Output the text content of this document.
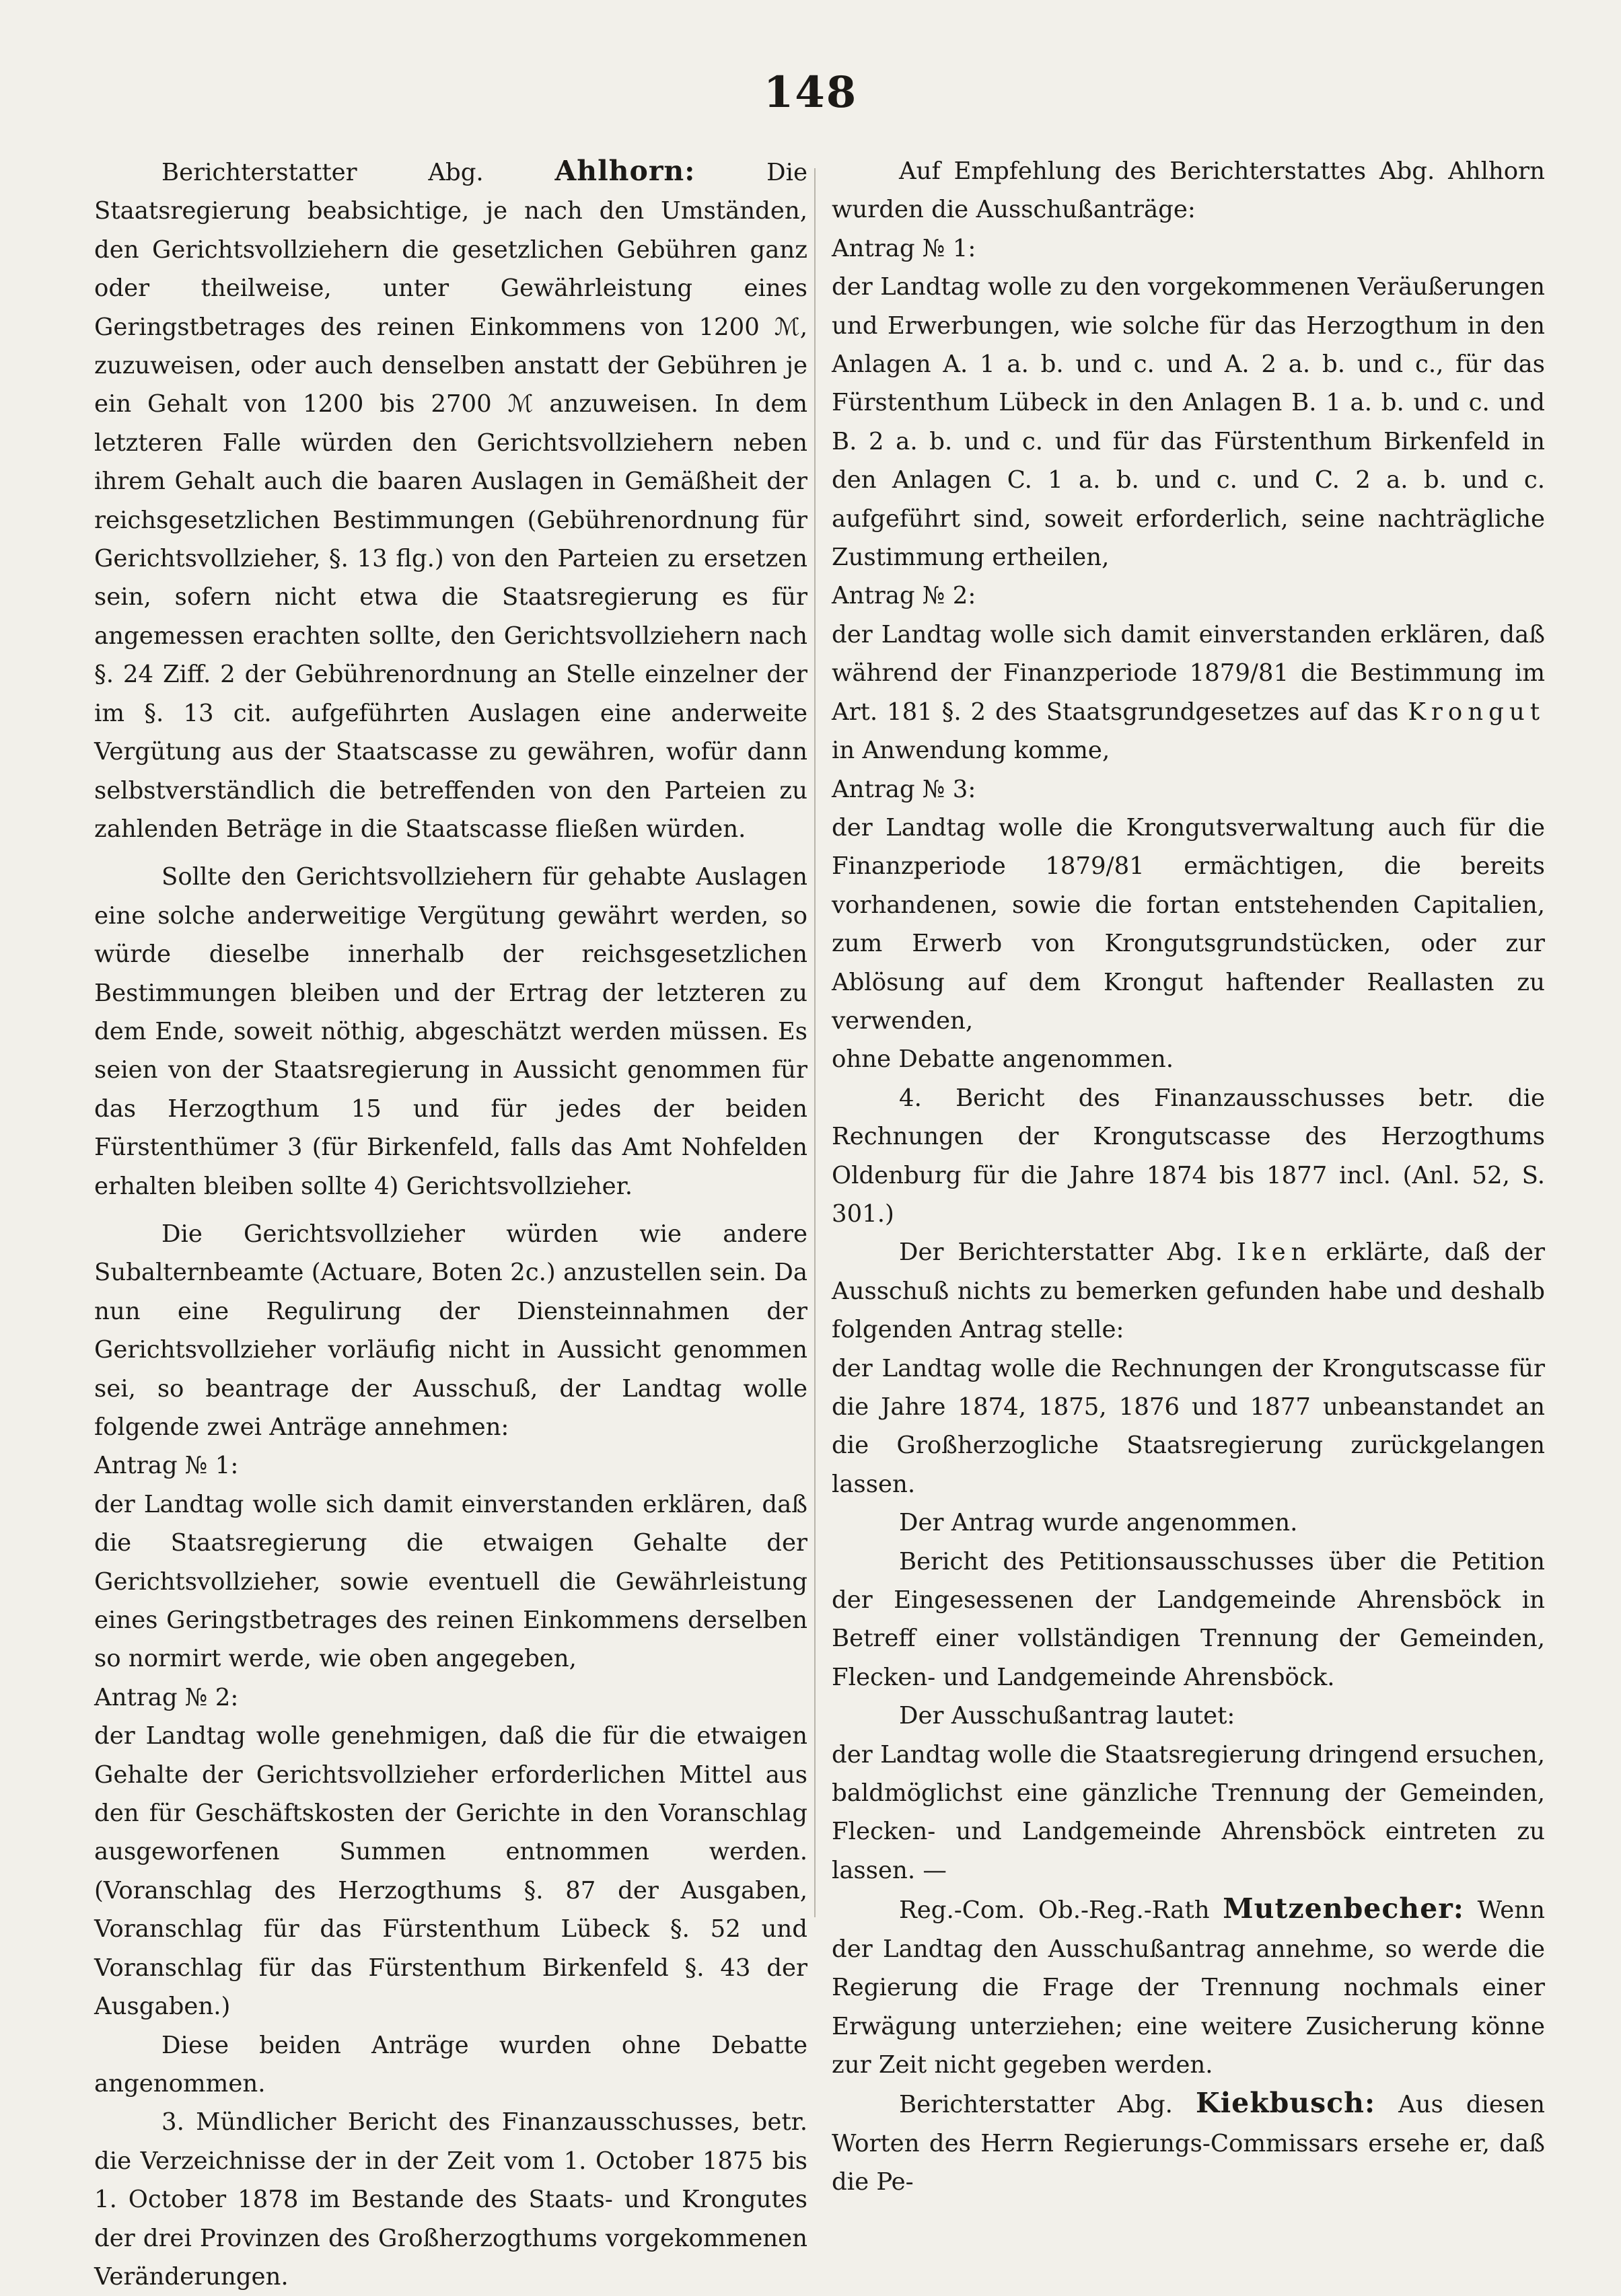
148

Berichterstatter Abg.	Ahlhorn:	Die Staatsregierung beabsichtige, je nach den Umständen, den Gerichtsvollziehern die gesetzlichen Gebühren ganz oder theilweise, unter Gewährleistung eines Geringstbetrages des reinen Einkommens von 1200 ℳ, zuzuweisen, oder auch denselben anstatt der Gebühren je ein Gehalt von 1200 bis 2700 ℳ anzuweisen. In dem letzteren Falle würden den Gerichtsvollziehern neben ihrem Gehalt auch die baaren Auslagen in Gemäßheit der reichsgesetzlichen Bestimmungen (Gebührenordnung für Gerichtsvollzieher, §. 13 flg.) von den Parteien zu ersetzen sein, sofern nicht etwa die Staatsregierung es für angemessen erachten sollte, den Gerichtsvollziehern nach §. 24 Ziff. 2 der Gebührenordnung an Stelle einzelner der im §. 13 cit. aufgeführten Auslagen eine anderweite Vergütung aus der Staatscasse zu gewähren, wofür dann selbstverständlich die betreffenden von den Parteien zu zahlenden Beträge in die Staatscasse fließen würden.

Sollte den Gerichtsvollziehern für gehabte Auslagen eine solche anderweitige Vergütung gewährt werden, so würde dieselbe innerhalb der reichsgesetzlichen Bestimmungen bleiben und der Ertrag der letzteren zu dem Ende, soweit nöthig, abgeschätzt werden müssen. Es seien von der Staatsregierung in Aussicht genommen für das Herzogthum 15 und für jedes der beiden Fürstenthümer 3 (für Birkenfeld, falls das Amt Nohfelden erhalten bleiben sollte 4) Gerichtsvollzieher.

Die Gerichtsvollzieher würden wie andere Subalternbeamte (Actuare, Boten 2c.) anzustellen sein. Da nun eine Regulirung der Diensteinnahmen der Gerichtsvollzieher vorläufig nicht in Aussicht genommen sei, so beantrage der Ausschuß, der Landtag wolle folgende zwei Anträge annehmen:

Antrag № 1:

der Landtag wolle sich damit einverstanden erklären, daß die Staatsregierung die etwaigen Gehalte der Gerichtsvollzieher, sowie eventuell die Gewährleistung eines Geringstbetrages des reinen Einkommens derselben so normirt werde, wie oben angegeben,

Antrag № 2:

der Landtag wolle genehmigen, daß die für die etwaigen Gehalte der Gerichtsvollzieher erforderlichen Mittel aus den für Geschäftskosten der Gerichte in den Voranschlag ausgeworfenen Summen entnommen werden. (Voranschlag des Herzogthums §. 87 der Ausgaben, Voranschlag für das Fürstenthum Lübeck §. 52 und Voranschlag für das Fürstenthum Birkenfeld §. 43 der Ausgaben.)

Diese beiden Anträge wurden ohne Debatte angenommen.

3. Mündlicher Bericht des Finanzausschusses, betr. die Verzeichnisse der in der Zeit vom 1. October 1875 bis 1. October 1878 im Bestande des Staats- und Krongutes der drei Provinzen des Großherzogthums vorgekommenen Veränderungen.

Auf Empfehlung des Berichterstattes Abg. Ahlhorn wurden die Ausschußanträge:

Antrag № 1:

der Landtag wolle zu den vorgekommenen Veräußerungen und Erwerbungen, wie solche für das Herzogthum in den Anlagen A. 1 a. b. und c. und A. 2 a. b. und c., für das Fürstenthum Lübeck in den Anlagen B. 1 a. b. und c. und B. 2 a. b. und c. und für das Fürstenthum Birkenfeld in den Anlagen C. 1 a. b. und c. und C. 2 a. b. und c. aufgeführt sind, soweit erforderlich, seine nachträgliche Zustimmung ertheilen,

Antrag № 2:

der Landtag wolle sich damit einverstanden erklären, daß während der Finanzperiode 1879/81 die Bestimmung im Art. 181 §. 2 des Staatsgrundgesetzes auf das Krongut in Anwendung komme,

Antrag № 3:

der Landtag wolle die Krongutsverwaltung auch für die Finanzperiode 1879/81 ermächtigen, die bereits vorhandenen, sowie die fortan entstehenden Capitalien, zum Erwerb von Krongutsgrundstücken, oder zur Ablösung auf dem Krongut haftender Reallasten zu verwenden,

ohne Debatte angenommen.

4. Bericht des Finanzausschusses betr. die Rechnungen der Krongutscasse des Herzogthums Oldenburg für die Jahre 1874 bis 1877 incl. (Anl. 52, S. 301.)

Der Berichterstatter Abg. Iken erklärte, daß der Ausschuß nichts zu bemerken gefunden habe und deshalb folgenden Antrag stelle:

der Landtag wolle die Rechnungen der Krongutscasse für die Jahre 1874, 1875, 1876 und 1877 unbeanstandet an die Großherzogliche Staatsregierung zurückgelangen lassen.

Der Antrag wurde angenommen.

Bericht des Petitionsausschusses über die Petition der Eingesessenen der Landgemeinde Ahrensböck in Betreff einer vollständigen Trennung der Gemeinden, Flecken- und Landgemeinde Ahrensböck.

Der Ausschußantrag lautet:

der Landtag wolle die Staatsregierung dringend ersuchen, baldmöglichst eine gänzliche Trennung der Gemeinden, Flecken- und Landgemeinde Ahrensböck eintreten zu lassen. —

Reg.-Com. Ob.-Reg.-Rath Mutzenbecher: Wenn der Landtag den Ausschußantrag annehme, so werde die Regierung die Frage der Trennung nochmals einer Erwägung unterziehen; eine weitere Zusicherung könne zur Zeit nicht gegeben werden.

Berichterstatter Abg. Kiekbusch: Aus diesen Worten des Herrn Regierungs-Commissars ersehe er, daß die Pe-
